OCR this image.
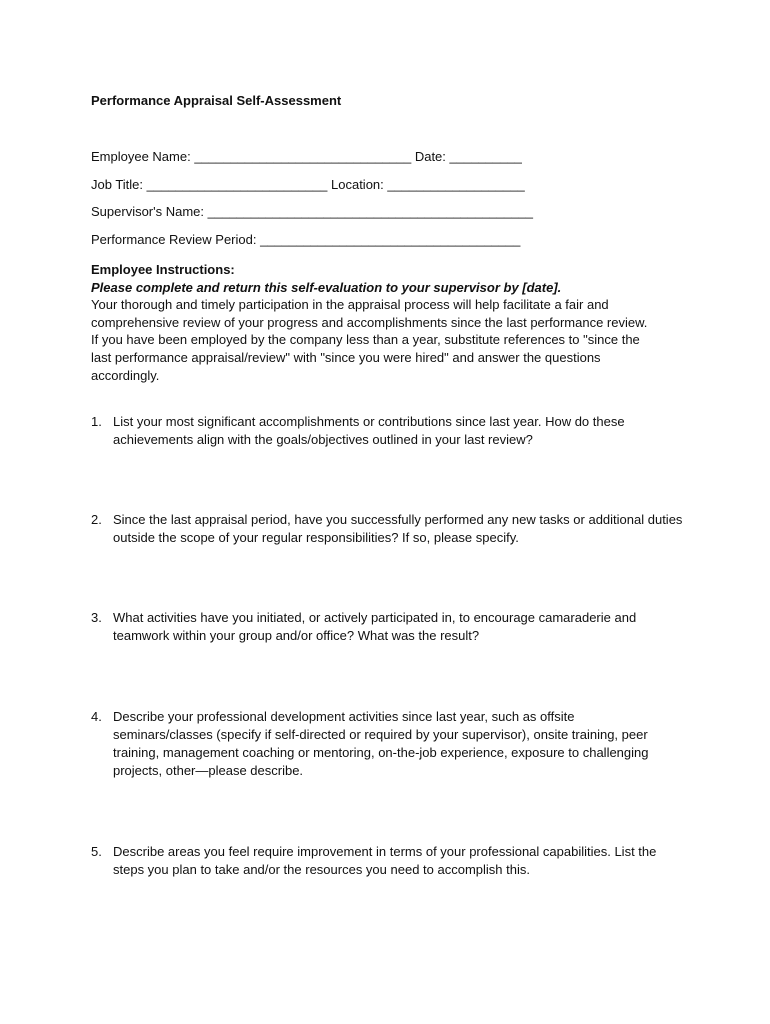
Performance Appraisal Self-Assessment
Employee Name: ______________________________ Date: __________
Job Title: _________________________ Location: ___________________
Supervisor's Name: _____________________________________________
Performance Review Period: ____________________________________
Employee Instructions:
Please complete and return this self-evaluation to your supervisor by [date].
Your thorough and timely participation in the appraisal process will help facilitate a fair and comprehensive review of your progress and accomplishments since the last performance review. If you have been employed by the company less than a year, substitute references to "since the last performance appraisal/review" with "since you were hired" and answer the questions accordingly.
1. List your most significant accomplishments or contributions since last year. How do these achievements align with the goals/objectives outlined in your last review?
2. Since the last appraisal period, have you successfully performed any new tasks or additional duties outside the scope of your regular responsibilities? If so, please specify.
3. What activities have you initiated, or actively participated in, to encourage camaraderie and teamwork within your group and/or office? What was the result?
4. Describe your professional development activities since last year, such as offsite seminars/classes (specify if self-directed or required by your supervisor), onsite training, peer training, management coaching or mentoring, on-the-job experience, exposure to challenging projects, other—please describe.
5. Describe areas you feel require improvement in terms of your professional capabilities. List the steps you plan to take and/or the resources you need to accomplish this.
